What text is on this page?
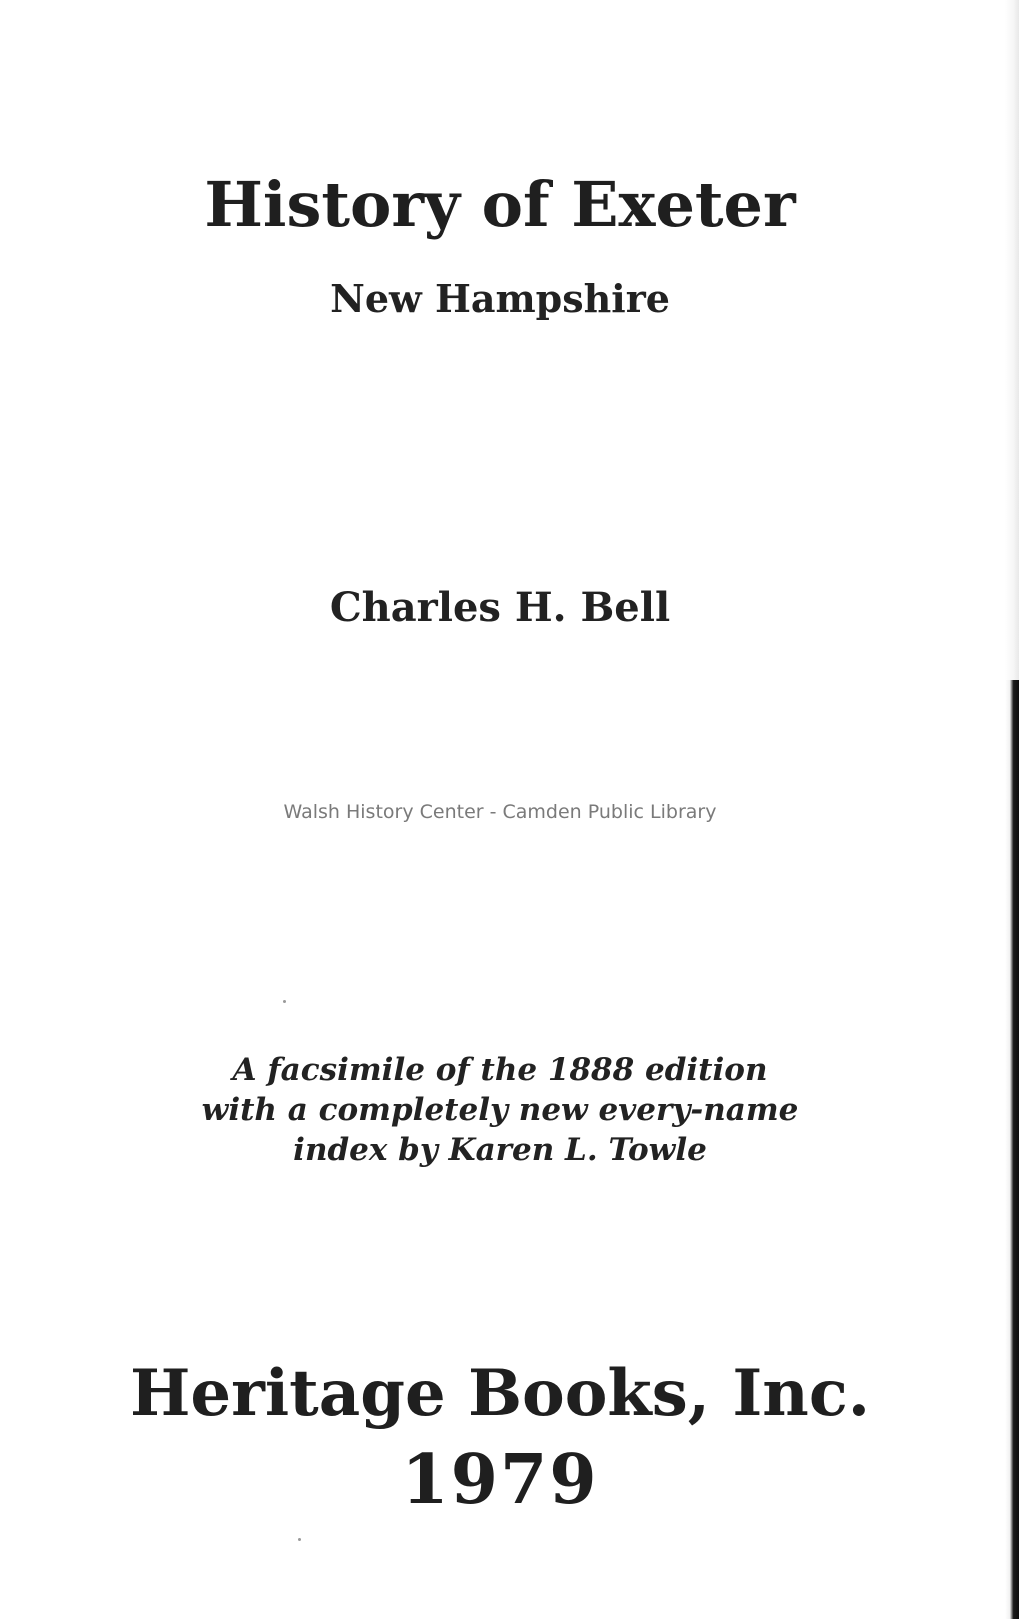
History of Exeter
New Hampshire
Charles H. Bell
Walsh History Center - Camden Public Library
A facsimile of the 1888 edition
with a completely new every-name
index by Karen L. Towle
Heritage Books, Inc.
1979
